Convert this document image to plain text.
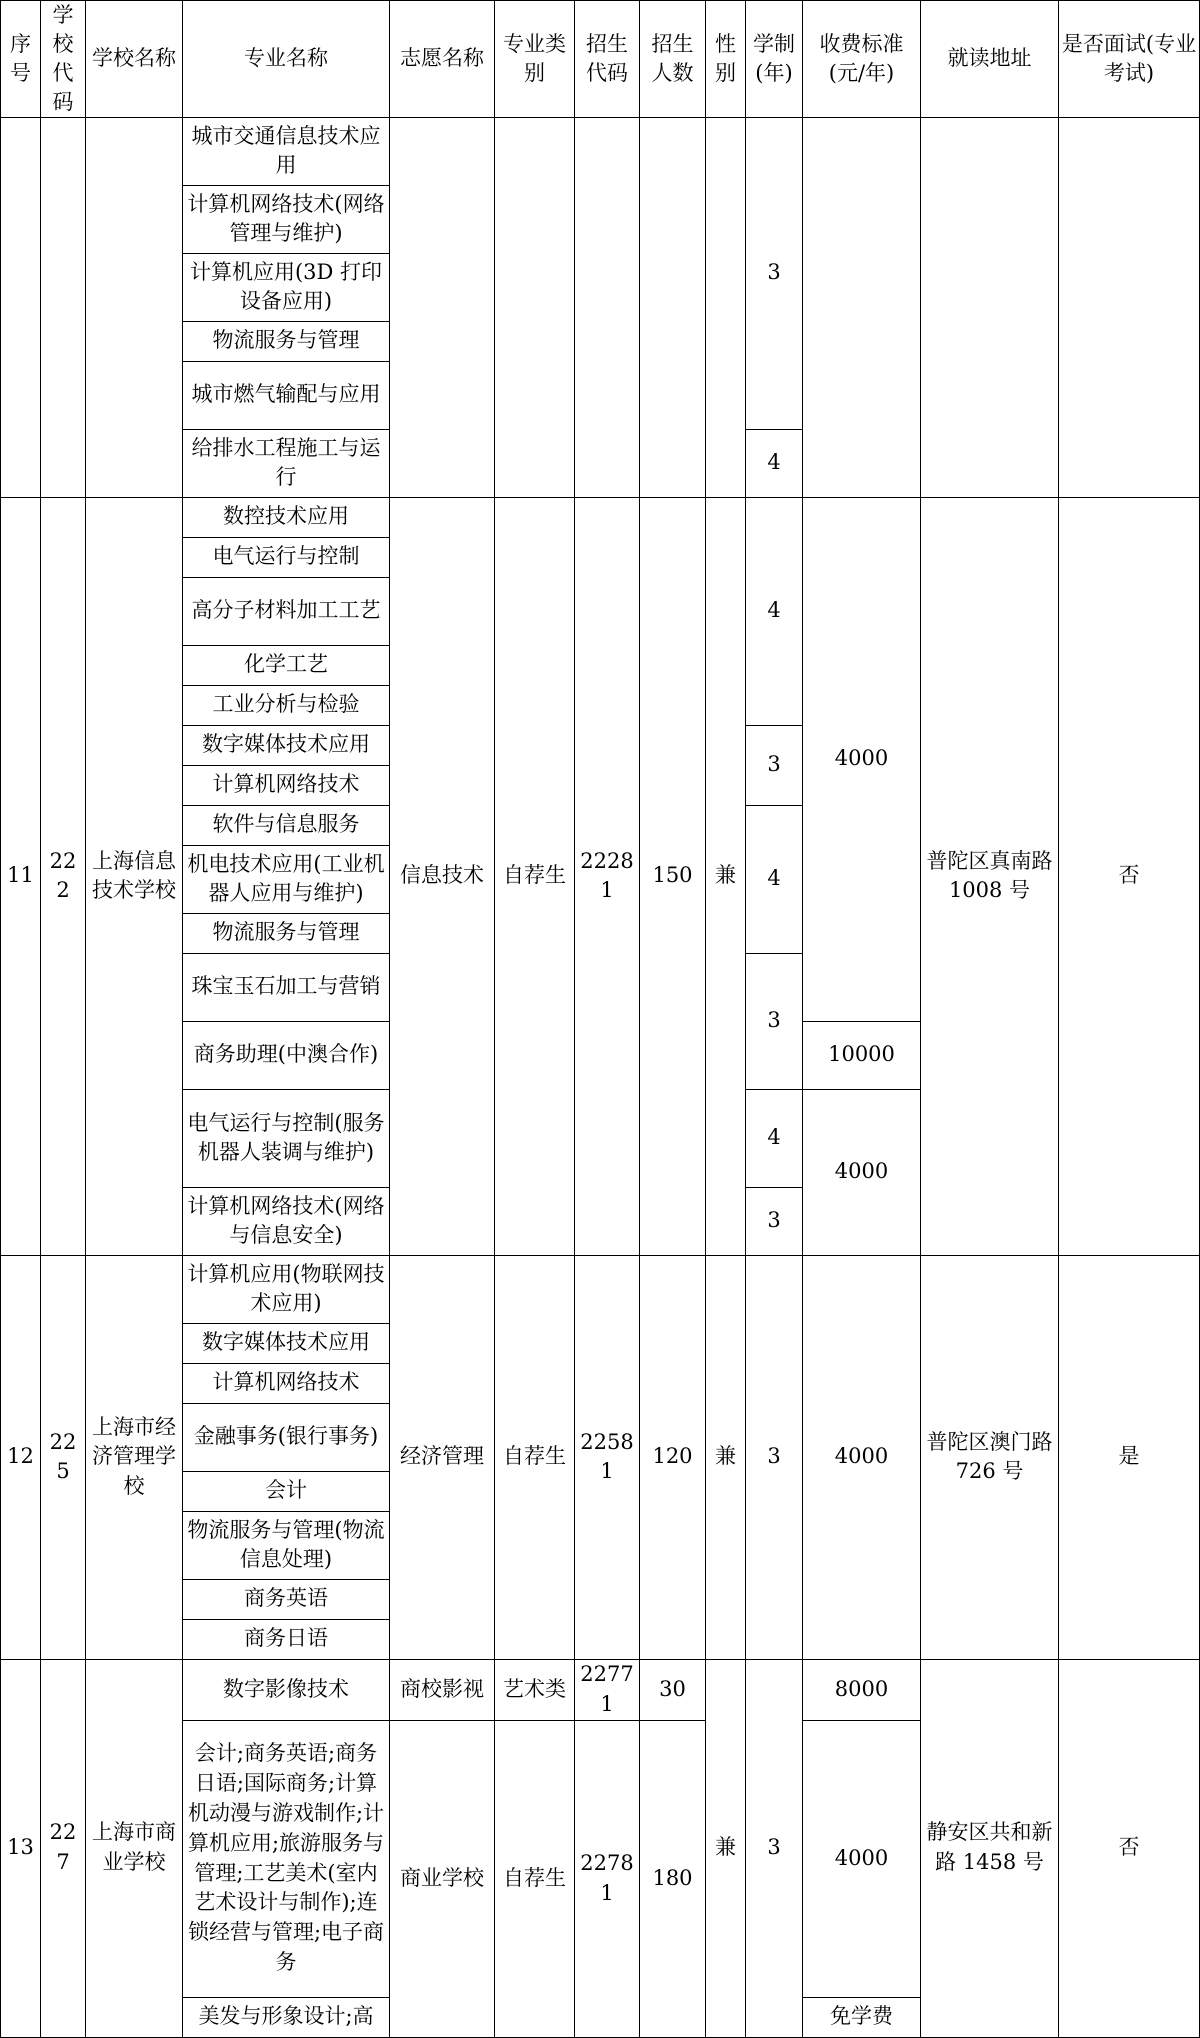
序号	学校代码	学校名称	专业名称	志愿名称	专业类别	招生代码	招生人数	性别	学制(年)	收费标准(元/年)	就读地址	是否面试(专业考试)
			城市交通信息技术应用						3			
			计算机网络技术(网络管理与维护)									
			计算机应用(3D 打印设备应用)									
			物流服务与管理									
			城市燃气输配与应用									
			给排水工程施工与运行						4			
11	222	上海信息技术学校	数控技术应用	信息技术	自荐生	22281	150	兼	4	4000	普陀区真南路 1008 号	否
			电气运行与控制									
			高分子材料加工工艺									
			化学工艺									
			工业分析与检验									
			数字媒体技术应用						3			
			计算机网络技术									
			软件与信息服务						4			
			机电技术应用(工业机器人应用与维护)									
			物流服务与管理									
			珠宝玉石加工与营销						3			
			商务助理(中澳合作)							10000		
			电气运行与控制(服务机器人装调与维护)						4	4000		
			计算机网络技术(网络与信息安全)						3			
12	225	上海市经济管理学校	计算机应用(物联网技术应用)	经济管理	自荐生	22581	120	兼	3	4000	普陀区澳门路 726 号	是
			数字媒体技术应用									
			计算机网络技术									
			金融事务(银行事务)									
			会计									
			物流服务与管理(物流信息处理)									
			商务英语									
			商务日语									
13	227	上海市商业学校	数字影像技术	商校影视	艺术类	22771	30	兼	3	8000	静安区共和新路 1458 号	否
			会计;商务英语;商务日语;国际商务;计算机动漫与游戏制作;计算机应用;旅游服务与管理;工艺美术(室内艺术设计与制作);连锁经营与管理;电子商务	商业学校	自荐生	22781	180			4000		
			美发与形象设计;高							免学费		
